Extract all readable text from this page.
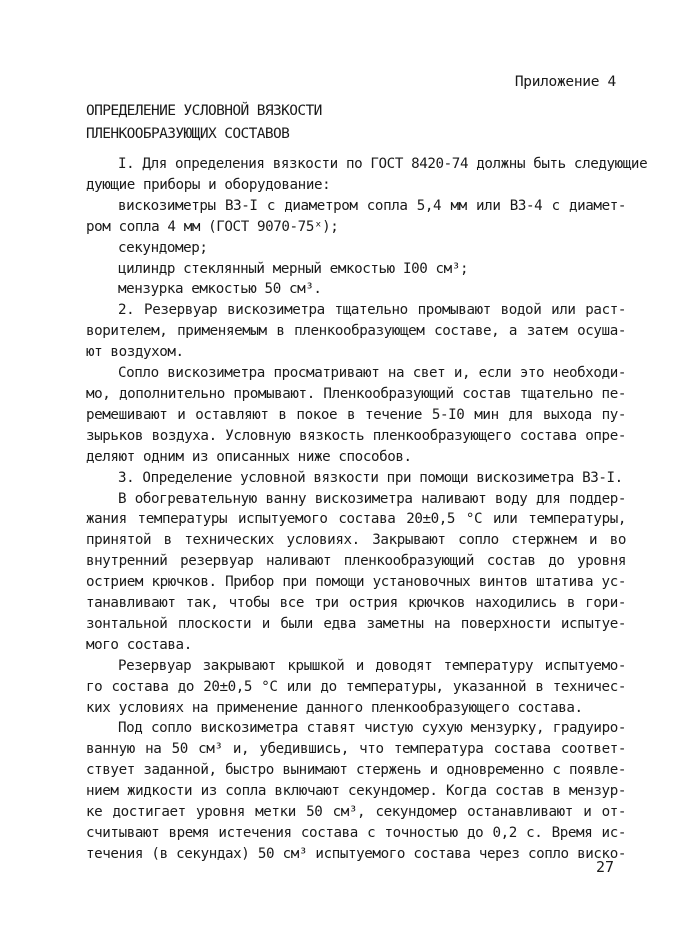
Приложение 4
ОПРЕДЕЛЕНИЕ УСЛОВНОЙ ВЯЗКОСТИ
ПЛЕНКООБРАЗУЮЩИХ СОСТАВОВ
I. Для определения вязкости по ГОСТ 8420-74 должны быть следующие
дующие приборы и оборудование:
вискозиметры ВЗ-I с диаметром сопла 5,4 мм или ВЗ-4 с диамет-
ром сопла 4 мм (ГОСТ 9070-75ˣ);
секундомер;
цилиндр стеклянный мерный емкостью I00 см³;
мензурка емкостью 50 см³.
2. Резервуар вискозиметра тщательно промывают водой или раст-
ворителем, применяемым в пленкообразующем составе, а затем осуша-
ют воздухом.
Сопло вискозиметра просматривают на свет и, если это необходи-
мо, дополнительно промывают. Пленкообразующий состав тщательно пе-
ремешивают и оставляют в покое в течение 5-I0 мин для выхода пу-
зырьков воздуха. Условную вязкость пленкообразующего состава опре-
деляют одним из описанных ниже способов.
3. Определение условной вязкости при помощи вискозиметра ВЗ-I.
В обогревательную ванну вискозиметра наливают воду для поддер-
жания температуры испытуемого состава 20±0,5 °С или температуры,
принятой в технических условиях. Закрывают сопло стержнем и во
внутренний резервуар наливают пленкообразующий состав до уровня
острием крючков. Прибор при помощи установочных винтов штатива ус-
танавливают так, чтобы все три острия крючков находились в гори-
зонтальной плоскости и были едва заметны на поверхности испытуе-
мого состава.
Резервуар закрывают крышкой и доводят температуру испытуемо-
го состава до 20±0,5 °С или до температуры, указанной в техничес-
ких условиях на применение данного пленкообразующего состава.
Под сопло вискозиметра ставят чистую сухую мензурку, градуиро-
ванную на 50 см³ и, убедившись, что температура состава соответ-
ствует заданной, быстро вынимают стержень и одновременно с появле-
нием жидкости из сопла включают секундомер. Когда состав в мензур-
ке достигает уровня метки 50 см³, секундомер останавливают и от-
считывают время истечения состава с точностью до 0,2 с. Время ис-
течения (в секундах) 50 см³ испытуемого состава через сопло виско-
27
